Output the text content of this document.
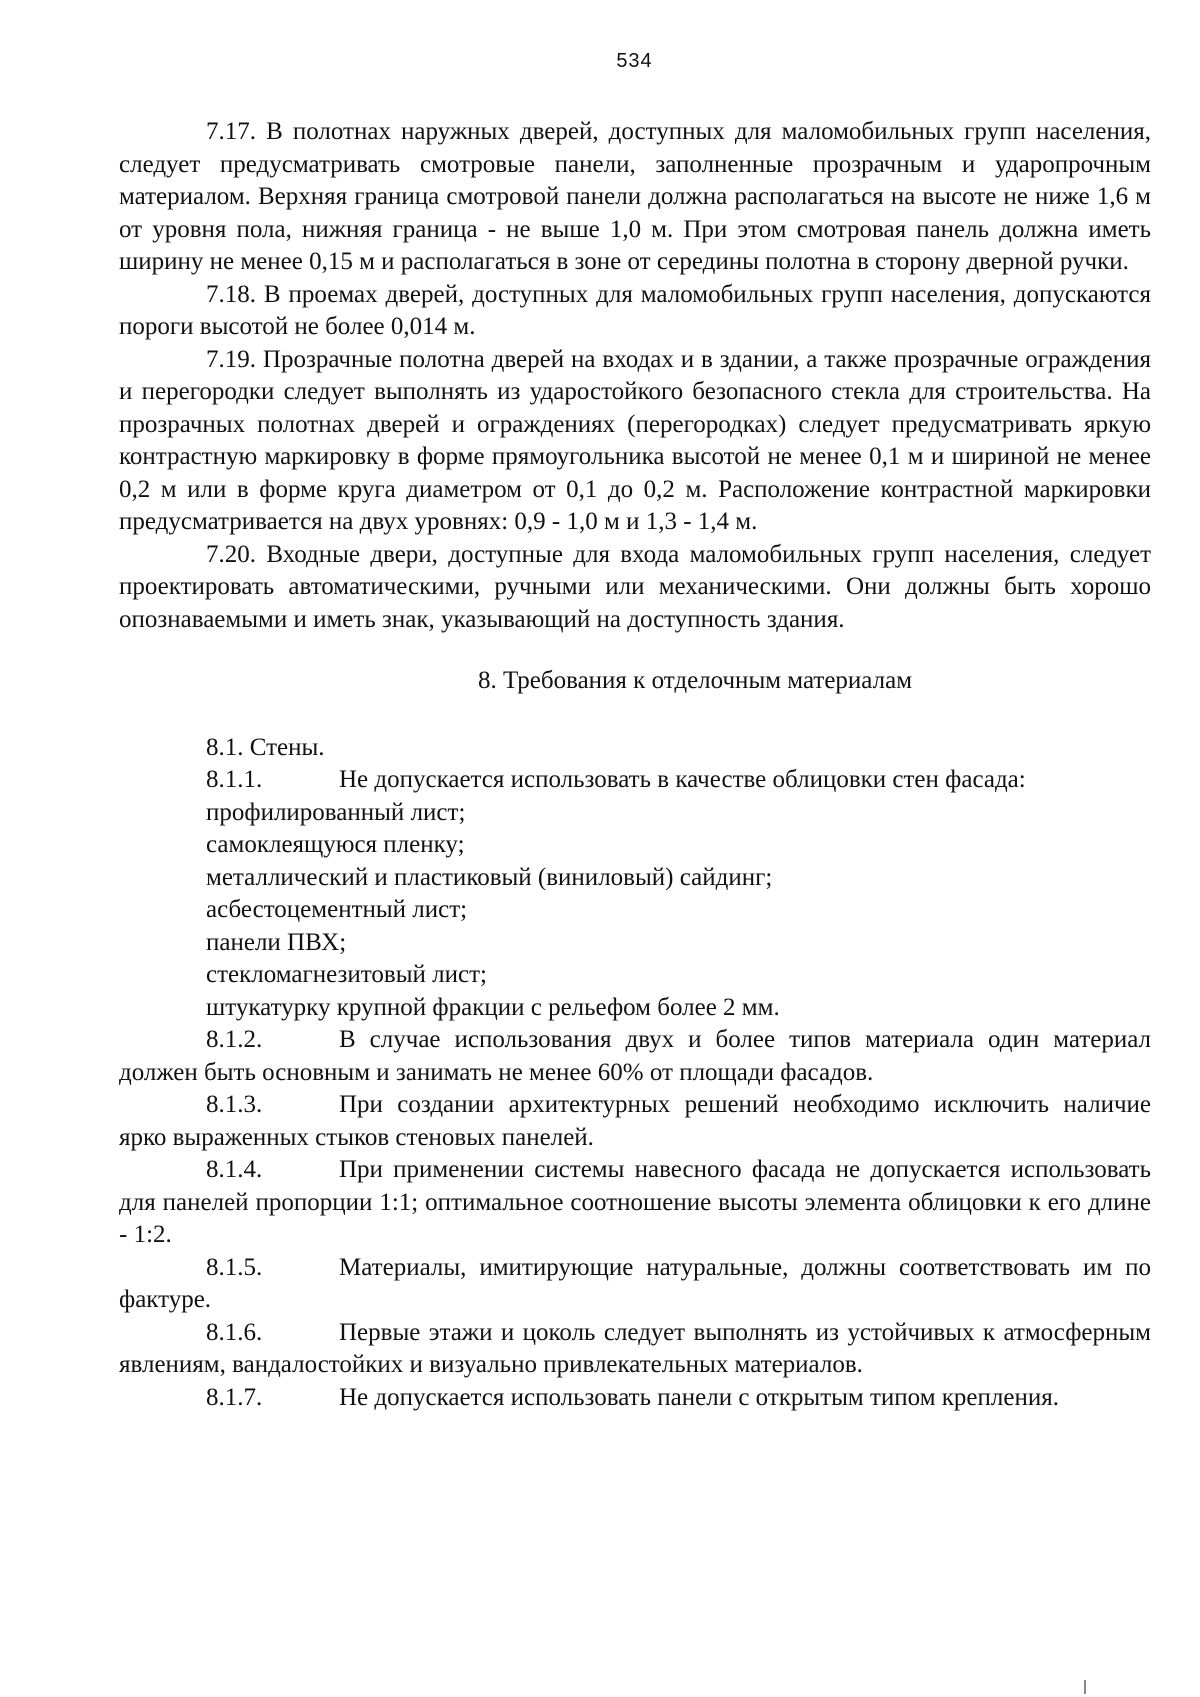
534

7.17. В полотнах наружных дверей, доступных для маломобильных групп населения, следует предусматривать смотровые панели, заполненные прозрачным и ударопрочным материалом. Верхняя граница смотровой панели должна располагаться на высоте не ниже 1,6 м от уровня пола, нижняя граница - не выше 1,0 м. При этом смотровая панель должна иметь ширину не менее 0,15 м и располагаться в зоне от середины полотна в сторону дверной ручки.

7.18. В проемах дверей, доступных для маломобильных групп населения, допускаются пороги высотой не более 0,014 м.

7.19. Прозрачные полотна дверей на входах и в здании, а также прозрачные ограждения и перегородки следует выполнять из ударостойкого безопасного стекла для строительства. На прозрачных полотнах дверей и ограждениях (перегородках) следует предусматривать яркую контрастную маркировку в форме прямоугольника высотой не менее 0,1 м и шириной не менее 0,2 м или в форме круга диаметром от 0,1 до 0,2 м. Расположение контрастной маркировки предусматривается на двух уровнях: 0,9 - 1,0 м и 1,3 - 1,4 м.

7.20. Входные двери, доступные для входа маломобильных групп населения, следует проектировать автоматическими, ручными или механическими. Они должны быть хорошо опознаваемыми и иметь знак, указывающий на доступность здания.

8. Требования к отделочным материалам

8.1. Стены.

8.1.1.	Не допускается использовать в качестве облицовки стен фасада:

профилированный лист;

самоклеящуюся пленку;

металлический и пластиковый (виниловый) сайдинг;

асбестоцементный лист;

панели ПВХ;

стекломагнезитовый лист;

штукатурку крупной фракции с рельефом более 2 мм.

8.1.2.	В случае использования двух и более типов материала один материал должен быть основным и занимать не менее 60% от площади фасадов.

8.1.3.	При создании архитектурных решений необходимо исключить наличие ярко выраженных стыков стеновых панелей.

8.1.4.	При применении системы навесного фасада не допускается использовать для панелей пропорции 1:1; оптимальное соотношение высоты элемента облицовки к его длине - 1:2.

8.1.5.	Материалы, имитирующие натуральные, должны соответствовать им по фактуре.

8.1.6.	Первые этажи и цоколь следует выполнять из устойчивых к атмосферным явлениям, вандалостойких и визуально привлекательных материалов.

8.1.7.	Не допускается использовать панели с открытым типом крепления.
